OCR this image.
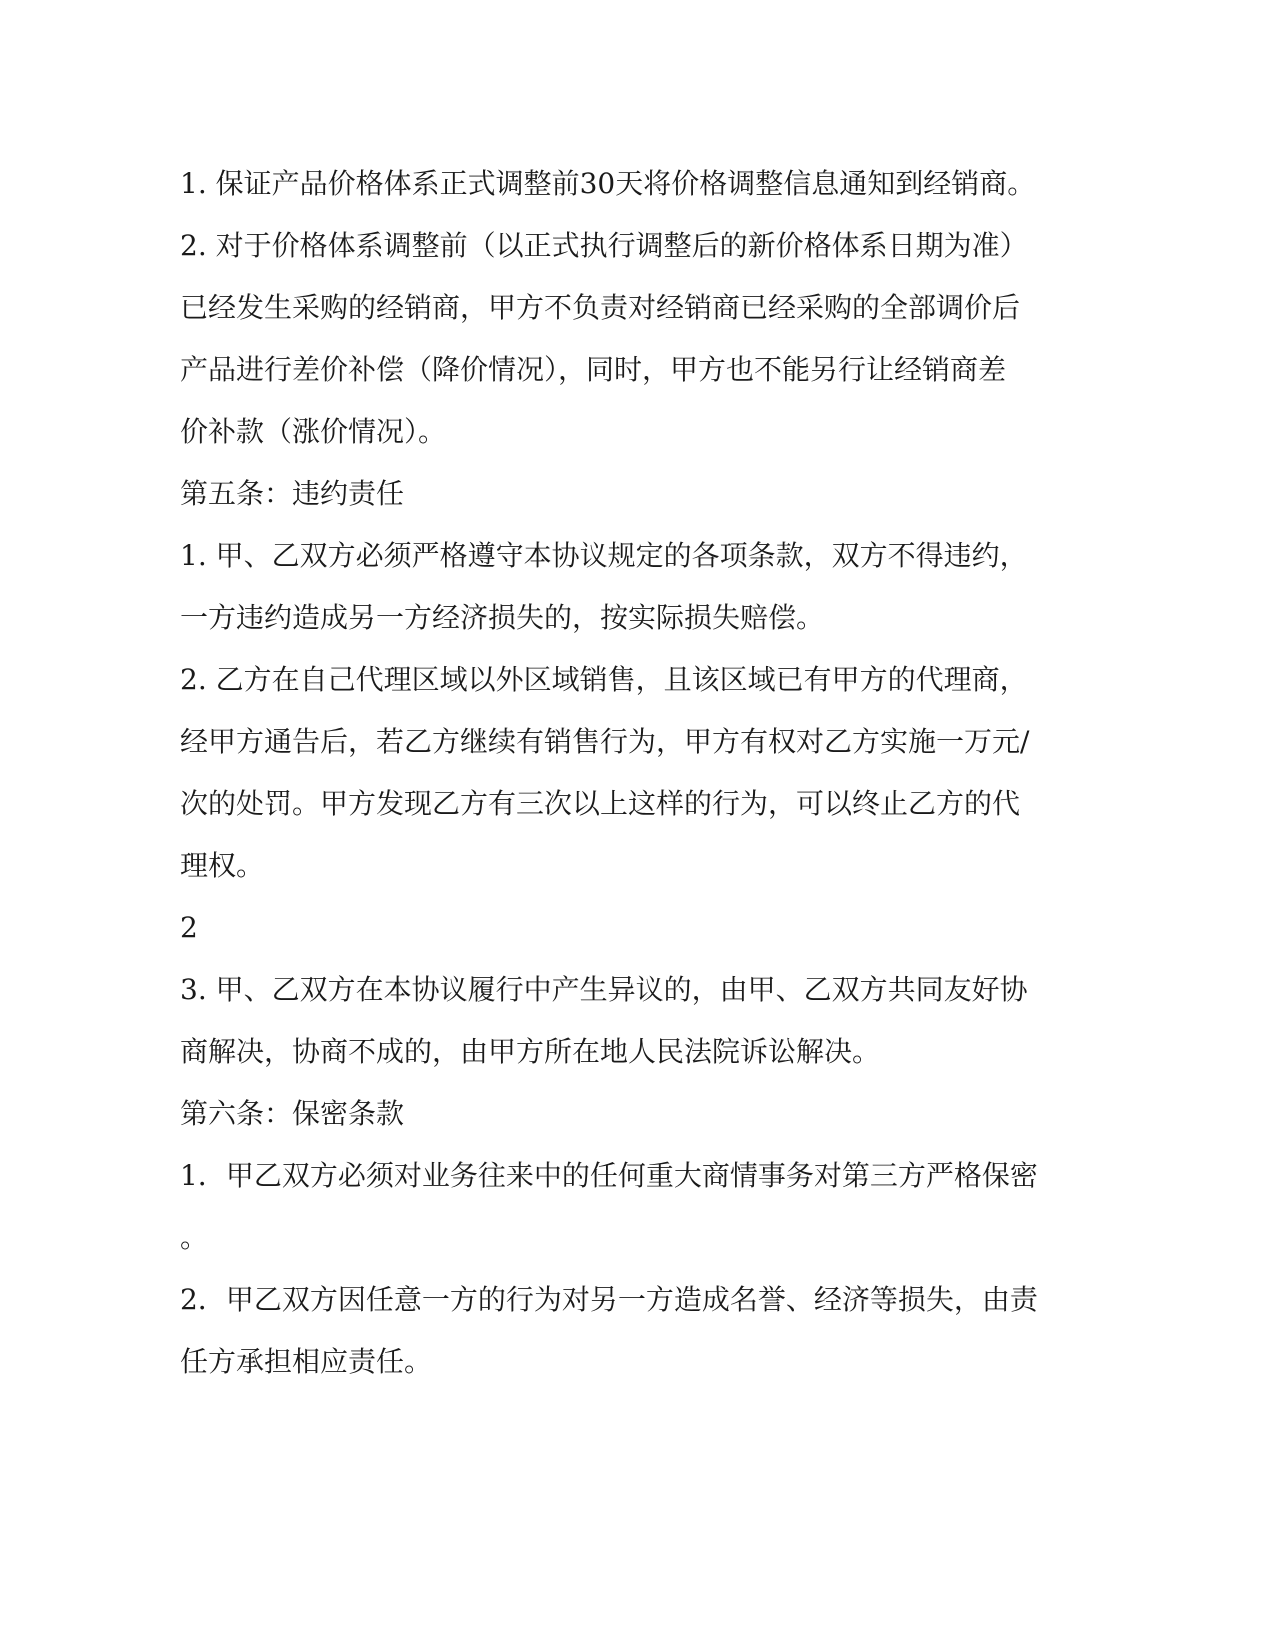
1. 保证产品价格体系正式调整前30天将价格调整信息通知到经销商。
2. 对于价格体系调整前（以正式执行调整后的新价格体系日期为准）
已经发生采购的经销商，甲方不负责对经销商已经采购的全部调价后
产品进行差价补偿（降价情况），同时，甲方也不能另行让经销商差
价补款（涨价情况）。
第五条：违约责任
1. 甲、乙双方必须严格遵守本协议规定的各项条款，双方不得违约，
一方违约造成另一方经济损失的，按实际损失赔偿。
2. 乙方在自己代理区域以外区域销售，且该区域已有甲方的代理商，
经甲方通告后，若乙方继续有销售行为，甲方有权对乙方实施一万元/
次的处罚。甲方发现乙方有三次以上这样的行为，可以终止乙方的代
理权。
2
3. 甲、乙双方在本协议履行中产生异议的，由甲、乙双方共同友好协
商解决，协商不成的，由甲方所在地人民法院诉讼解决。
第六条：保密条款
1．甲乙双方必须对业务往来中的任何重大商情事务对第三方严格保密
。
2．甲乙双方因任意一方的行为对另一方造成名誉、经济等损失，由责
任方承担相应责任。
